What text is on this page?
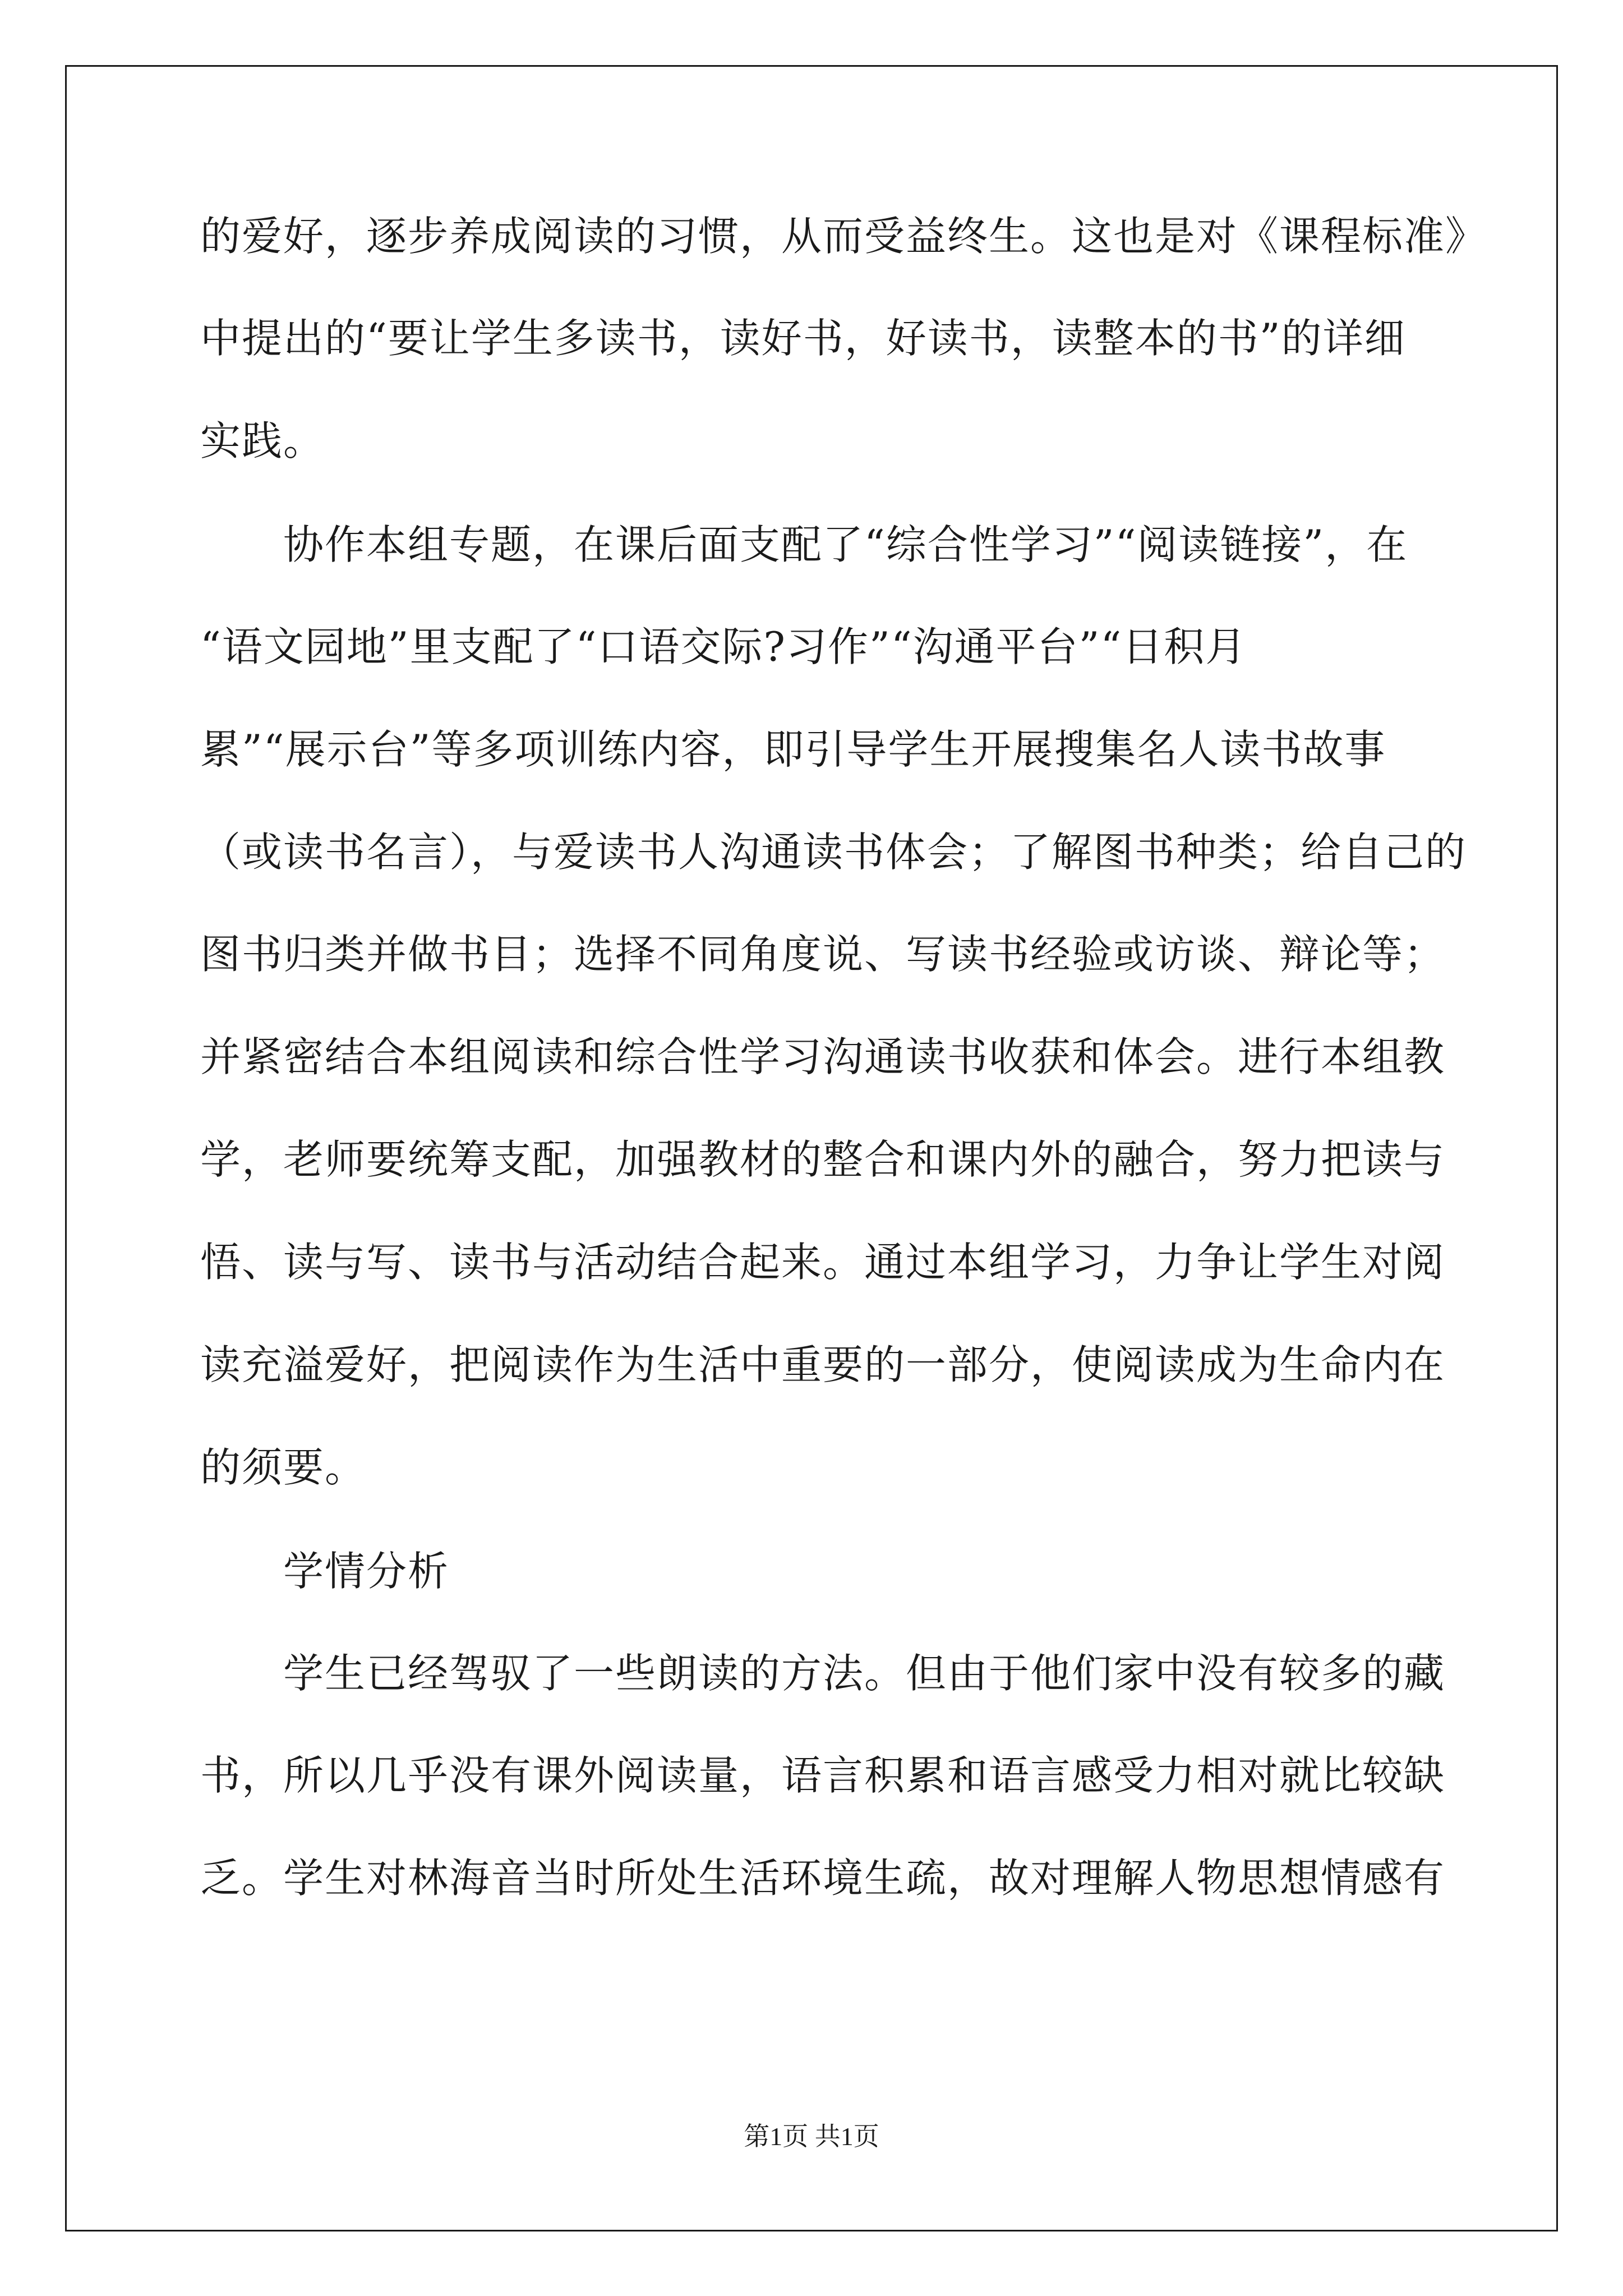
的爱好，逐步养成阅读的习惯，从而受益终生。这也是对《课程标准》
中提出的“要让学生多读书，读好书，好读书，读整本的书”的详细
实践。
协作本组专题，在课后面支配了“综合性学习”“阅读链接”，在
“语文园地”里支配了“口语交际?习作”“沟通平台”“日积月
累”“展示台”等多项训练内容，即引导学生开展搜集名人读书故事
（或读书名言），与爱读书人沟通读书体会；了解图书种类；给自己的
图书归类并做书目；选择不同角度说、写读书经验或访谈、辩论等；
并紧密结合本组阅读和综合性学习沟通读书收获和体会。进行本组教
学，老师要统筹支配，加强教材的整合和课内外的融合，努力把读与
悟、读与写、读书与活动结合起来。通过本组学习，力争让学生对阅
读充溢爱好，把阅读作为生活中重要的一部分，使阅读成为生命内在
的须要。
学情分析
学生已经驾驭了一些朗读的方法。但由于他们家中没有较多的藏
书，所以几乎没有课外阅读量，语言积累和语言感受力相对就比较缺
乏。学生对林海音当时所处生活环境生疏，故对理解人物思想情感有
第1页 共1页
